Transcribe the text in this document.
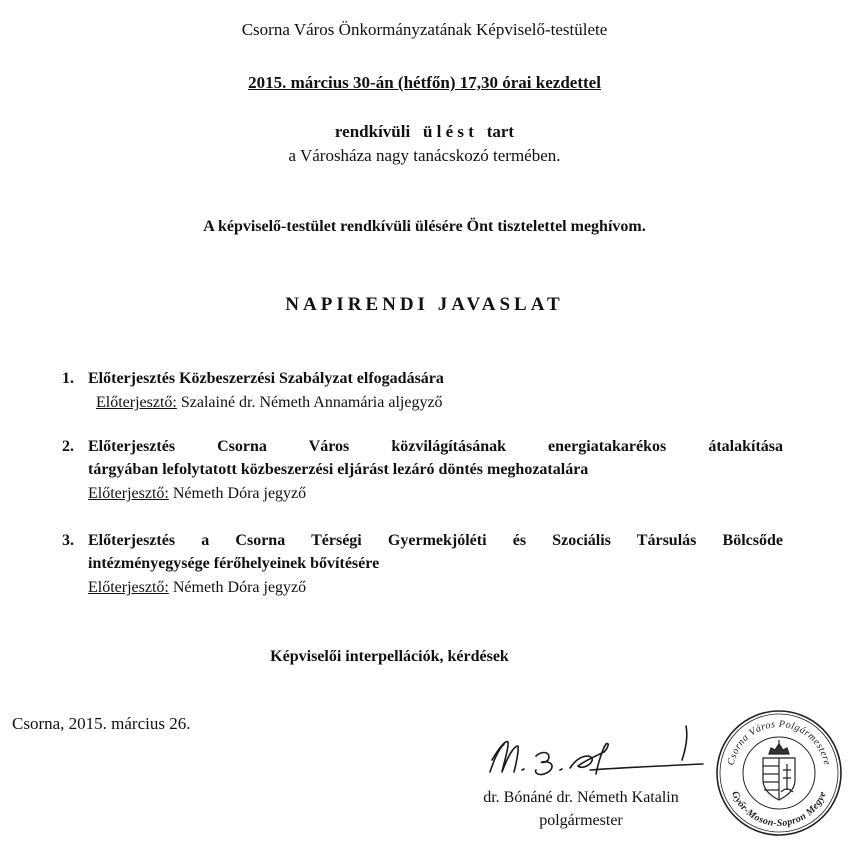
Csorna Város Önkormányzatának Képviselő-testülete
2015. március 30-án (hétfőn) 17,30 órai kezdettel
rendkívüli ü l é s t tart
a Városháza nagy tanácskozó termében.
A képviselő-testület rendkívüli ülésére Önt tisztelettel meghívom.
NAPIRENDI JAVASLAT
1. Előterjesztés Közbeszerzési Szabályzat elfogadására
Előterjesztő: Szalainé dr. Németh Annamária aljegyző
2. Előterjesztés Csorna Város közvilágításának energiatakarékos átalakítása
tárgyában lefolytatott közbeszerzési eljárást lezáró döntés meghozatalára
Előterjesztő: Németh Dóra jegyző
3. Előterjesztés a Csorna Térségi Gyermekjóléti és Szociális Társulás Bölcsőde
intézményegysége férőhelyeinek bővítésére
Előterjesztő: Németh Dóra jegyző
Képviselői interpellációk, kérdések
Csorna, 2015. március 26.
dr. Bónáné dr. Németh Katalin
polgármester
Csorna Város Polgármestere
Győr-Moson-Sopron Megye
